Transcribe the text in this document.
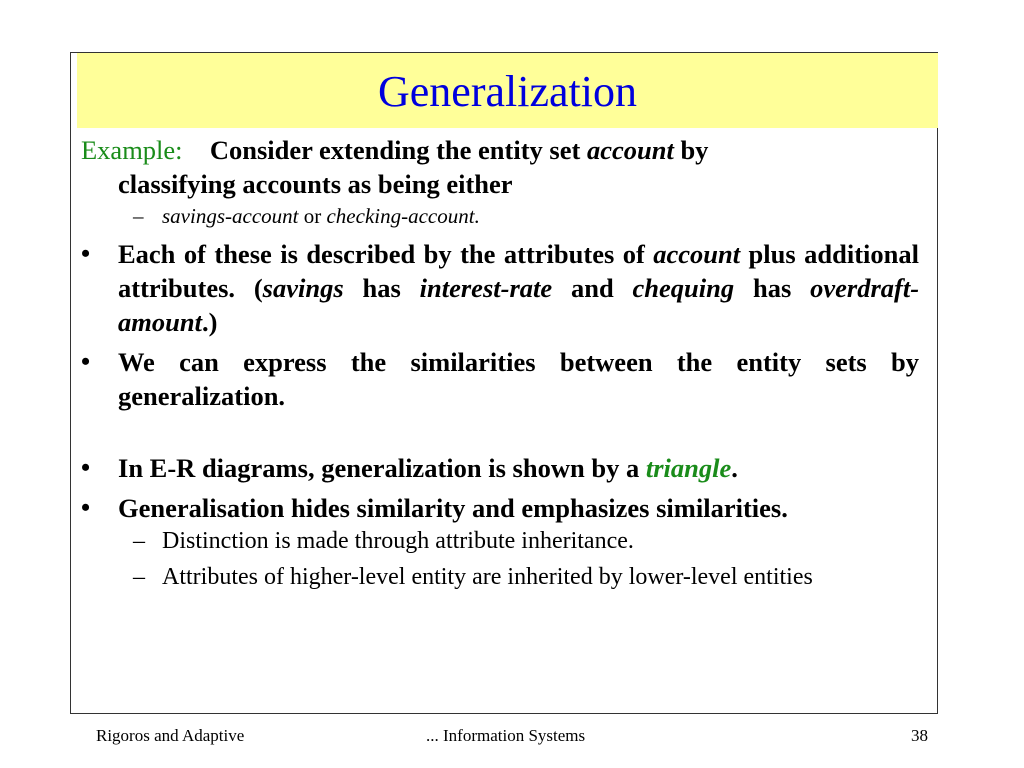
Generalization
Example: Consider extending the entity set account by
classifying accounts as being either
– savings-account or checking-account.
• Each of these is described by the attributes of account plus additional attributes. (savings has interest-rate and chequing has overdraft-amount.)
• We can express the similarities between the entity sets by generalization.
• In E-R diagrams, generalization is shown by a triangle.
• Generalisation hides similarity and emphasizes similarities.
– Distinction is made through attribute inheritance.
– Attributes of higher-level entity are inherited by lower-level entities
Rigoros and Adaptive	... Information Systems	38
